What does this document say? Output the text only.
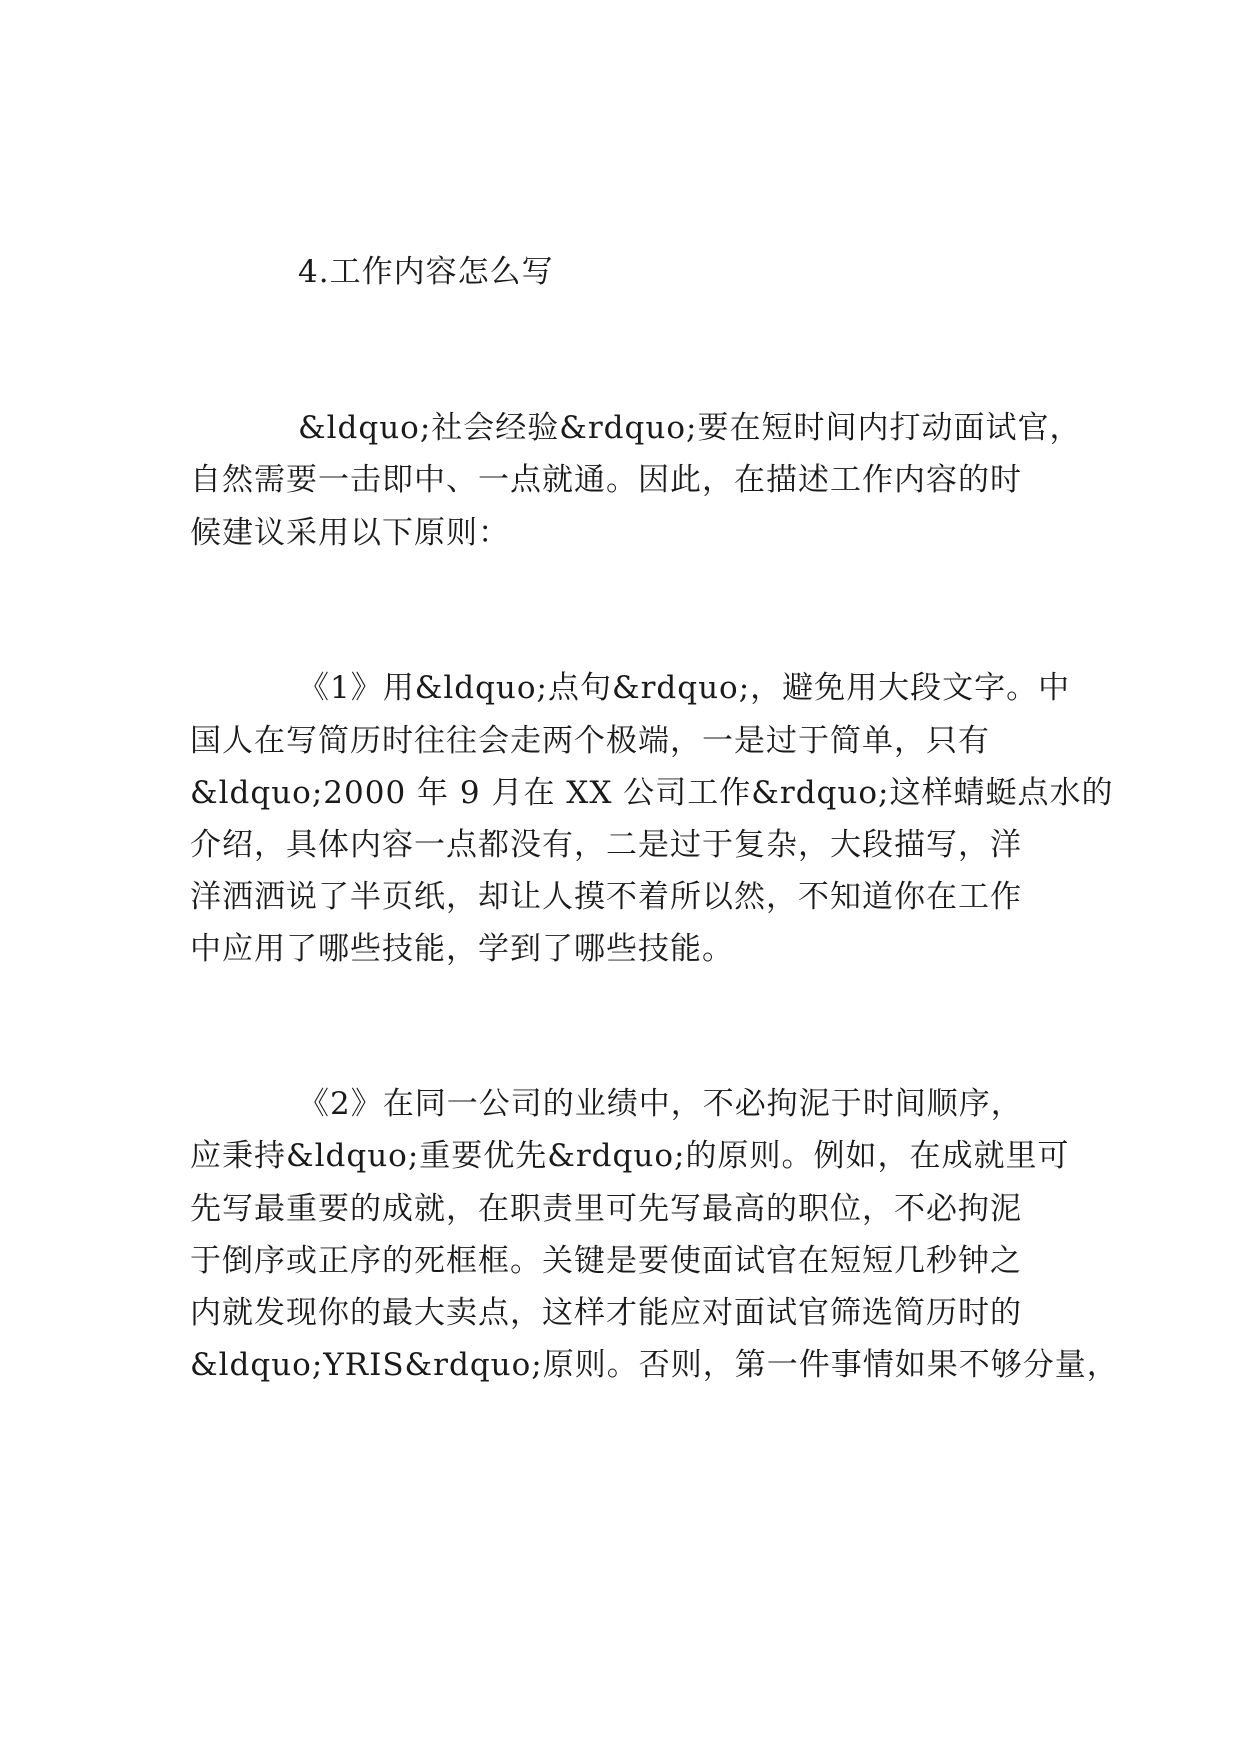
4.工作内容怎么写

&ldquo;社会经验&rdquo;要在短时间内打动面试官，

自然需要一击即中、一点就通。因此，在描述工作内容的时

候建议采用以下原则：

《1》用&ldquo;点句&rdquo;，避免用大段文字。中

国人在写简历时往往会走两个极端，一是过于简单，只有

&ldquo;2000 年 9 月在 XX 公司工作&rdquo;这样蜻蜓点水的

介绍，具体内容一点都没有，二是过于复杂，大段描写，洋

洋洒洒说了半页纸，却让人摸不着所以然，不知道你在工作

中应用了哪些技能，学到了哪些技能。

《2》在同一公司的业绩中，不必拘泥于时间顺序，

应秉持&ldquo;重要优先&rdquo;的原则。例如，在成就里可

先写最重要的成就，在职责里可先写最高的职位，不必拘泥

于倒序或正序的死框框。关键是要使面试官在短短几秒钟之

内就发现你的最大卖点，这样才能应对面试官筛选简历时的

&ldquo;YRIS&rdquo;原则。否则，第一件事情如果不够分量，
